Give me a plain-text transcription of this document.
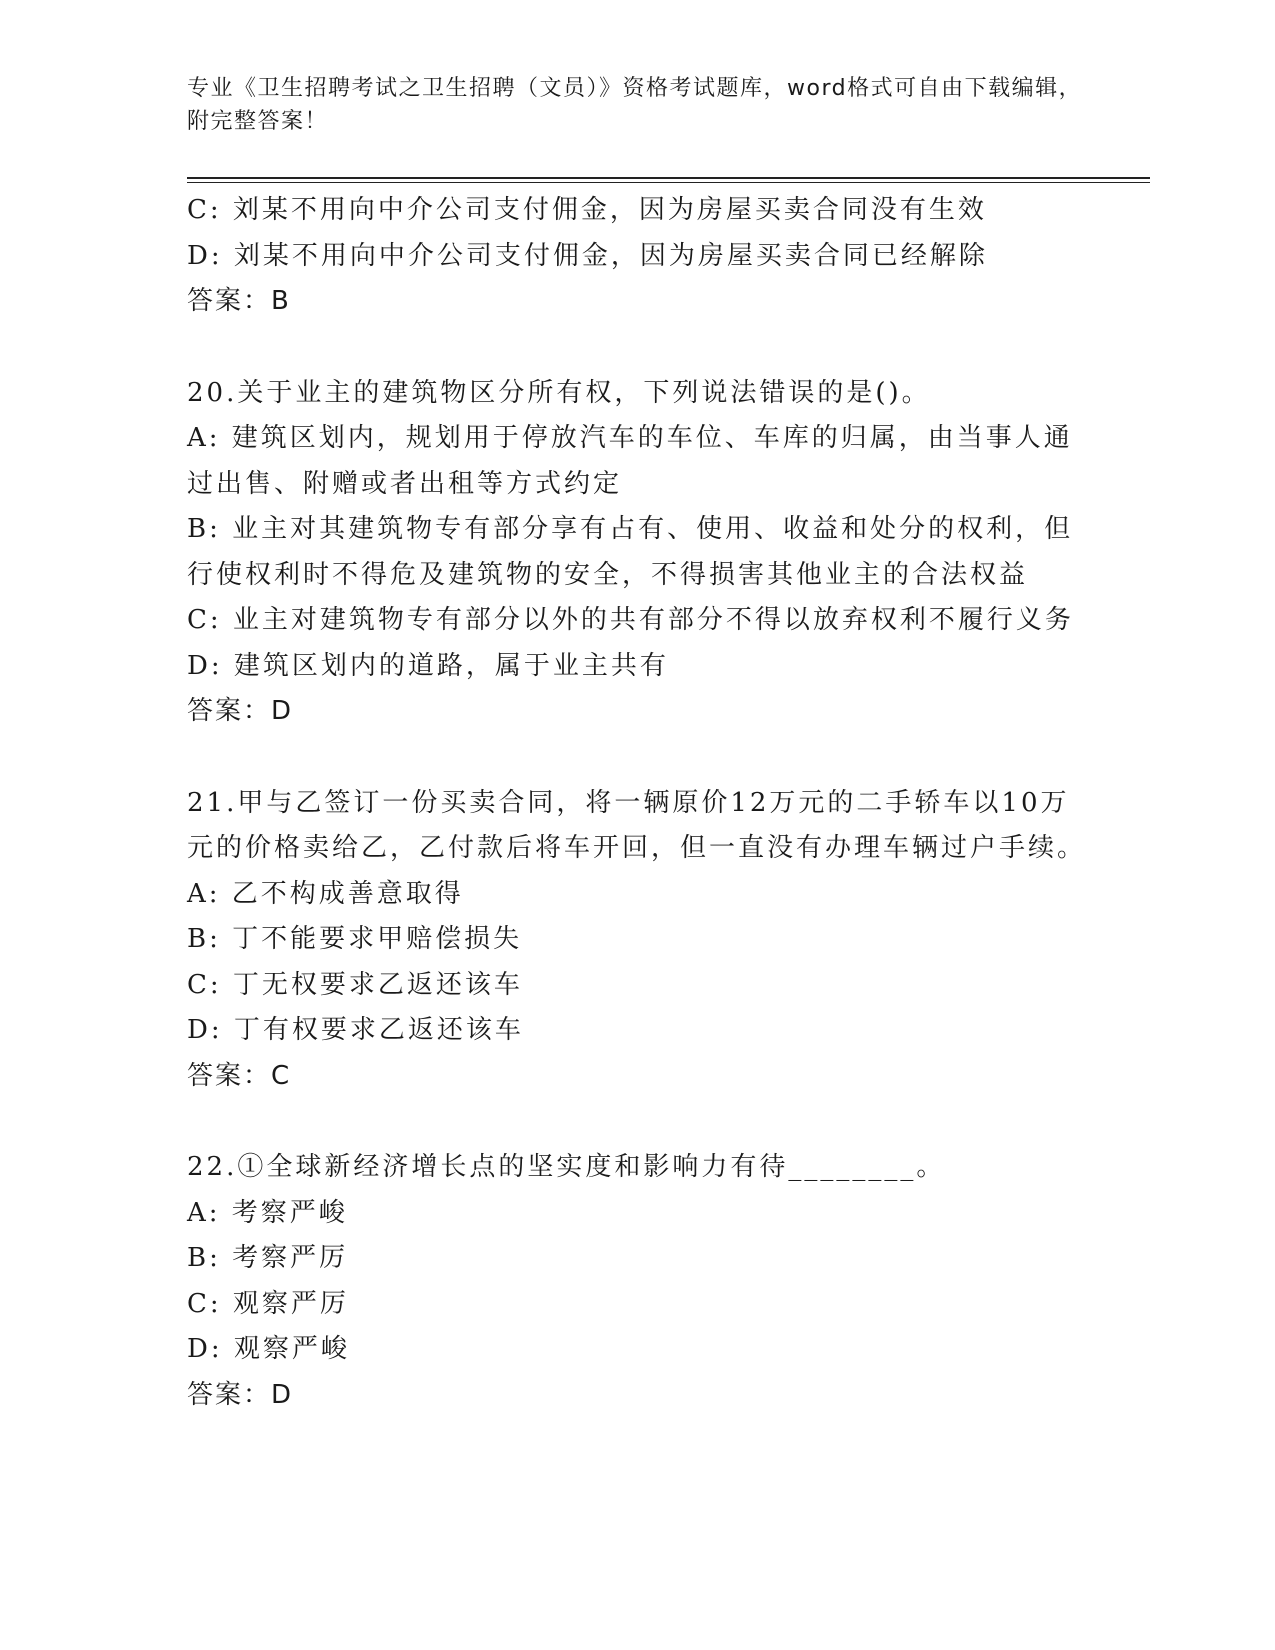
专业《卫生招聘考试之卫生招聘（文员）》资格考试题库，word格式可自由下载编辑，附完整答案！

C: 刘某不用向中介公司支付佣金，因为房屋买卖合同没有生效

D: 刘某不用向中介公司支付佣金，因为房屋买卖合同已经解除

答案：B

20.关于业主的建筑物区分所有权，下列说法错误的是()。

A: 建筑区划内，规划用于停放汽车的车位、车库的归属，由当事人通过出售、附赠或者出租等方式约定

B: 业主对其建筑物专有部分享有占有、使用、收益和处分的权利，但行使权利时不得危及建筑物的安全，不得损害其他业主的合法权益

C: 业主对建筑物专有部分以外的共有部分不得以放弃权利不履行义务

D: 建筑区划内的道路，属于业主共有

答案：D

21.甲与乙签订一份买卖合同，将一辆原价12万元的二手轿车以10万元的价格卖给乙，乙付款后将车开回，但一直没有办理车辆过户手续。

A: 乙不构成善意取得

B: 丁不能要求甲赔偿损失

C: 丁无权要求乙返还该车

D: 丁有权要求乙返还该车

答案：C

22.①全球新经济增长点的坚实度和影响力有待________。

A: 考察严峻

B: 考察严厉

C: 观察严厉

D: 观察严峻

答案：D
